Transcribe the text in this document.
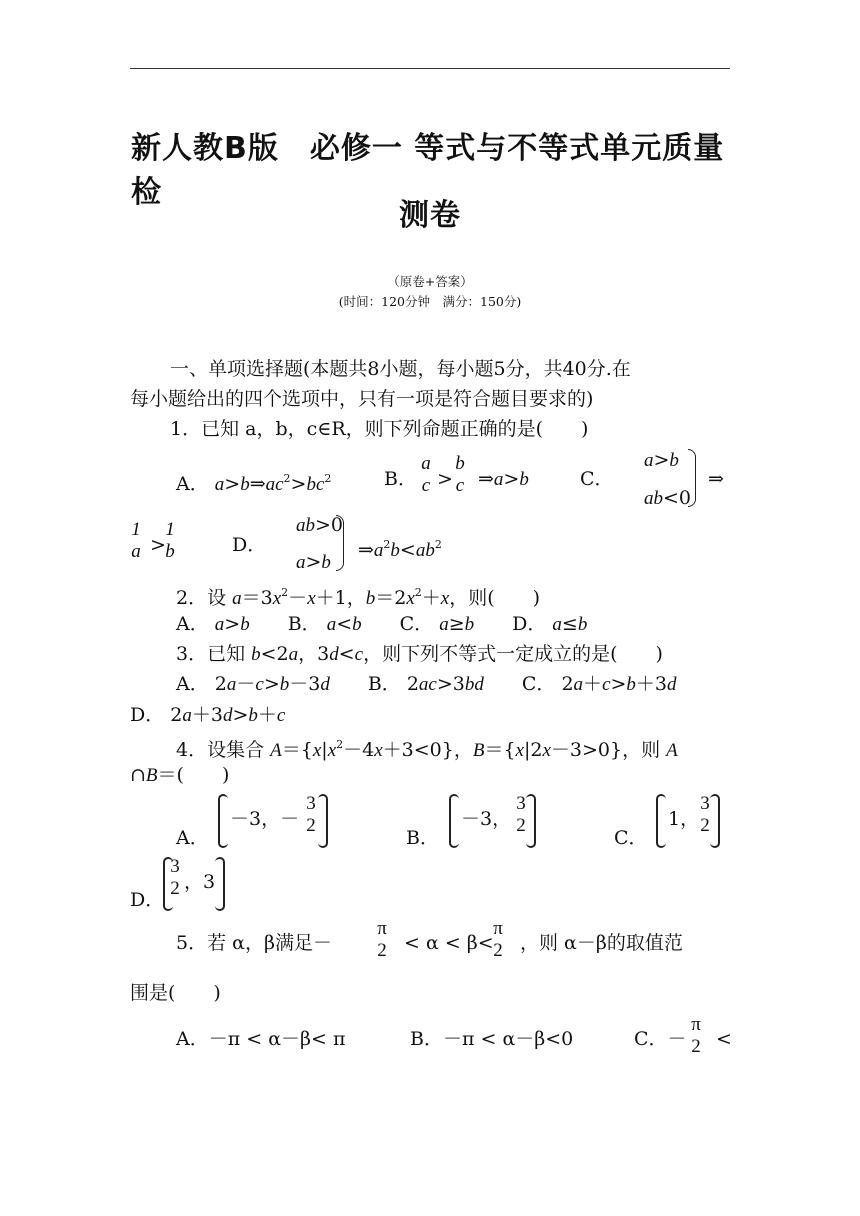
新人教B版　必修一 等式与不等式单元质量检
测卷
（原卷+答案）
(时间：120分钟　满分：150分)
一、单项选择题(本题共8小题，每小题5分，共40分.在
每小题给出的四个选项中，只有一项是符合题目要求的)
1．已知 a，b，c∈R，则下列命题正确的是(　　)
A． $a>b\Rightarrow ac^2>bc^2$	B．
a
c >
b
c ⇒a>b	C．
a>b
ab<0
⇒
1
a >
1
b	D．
ab>0
a>b
$\Rightarrow a^2b<ab^2$
2．设 $a=3x^2-x+1$，$b=2x^2+x$，则(　　)
A． a>b　　B． a<b　　C． a≥b　　D． a≤b
3．已知 b<2a，3d<c，则下列不等式一定成立的是(　　)
A． 2a－c>b－3d　　B． 2ac>3bd　　C． 2a＋c>b＋3d
D． 2a＋3d>b＋c
4．设集合 $A=\{x|x^2-4x+3<0\}$，B＝{x|2x－3>0}，则 A
∩B＝(　　)
A．
－3，－
3
2
B．
－3，
3
2
C．
1，
3
2
D．
3
2 ，3
5．若 α，β满足－
π
2 < α < β<
π
2 ，则 α－β的取值范
围是(　　)
A．－π < α－β< π	B．－π < α－β<0	C．－
π
2 <
